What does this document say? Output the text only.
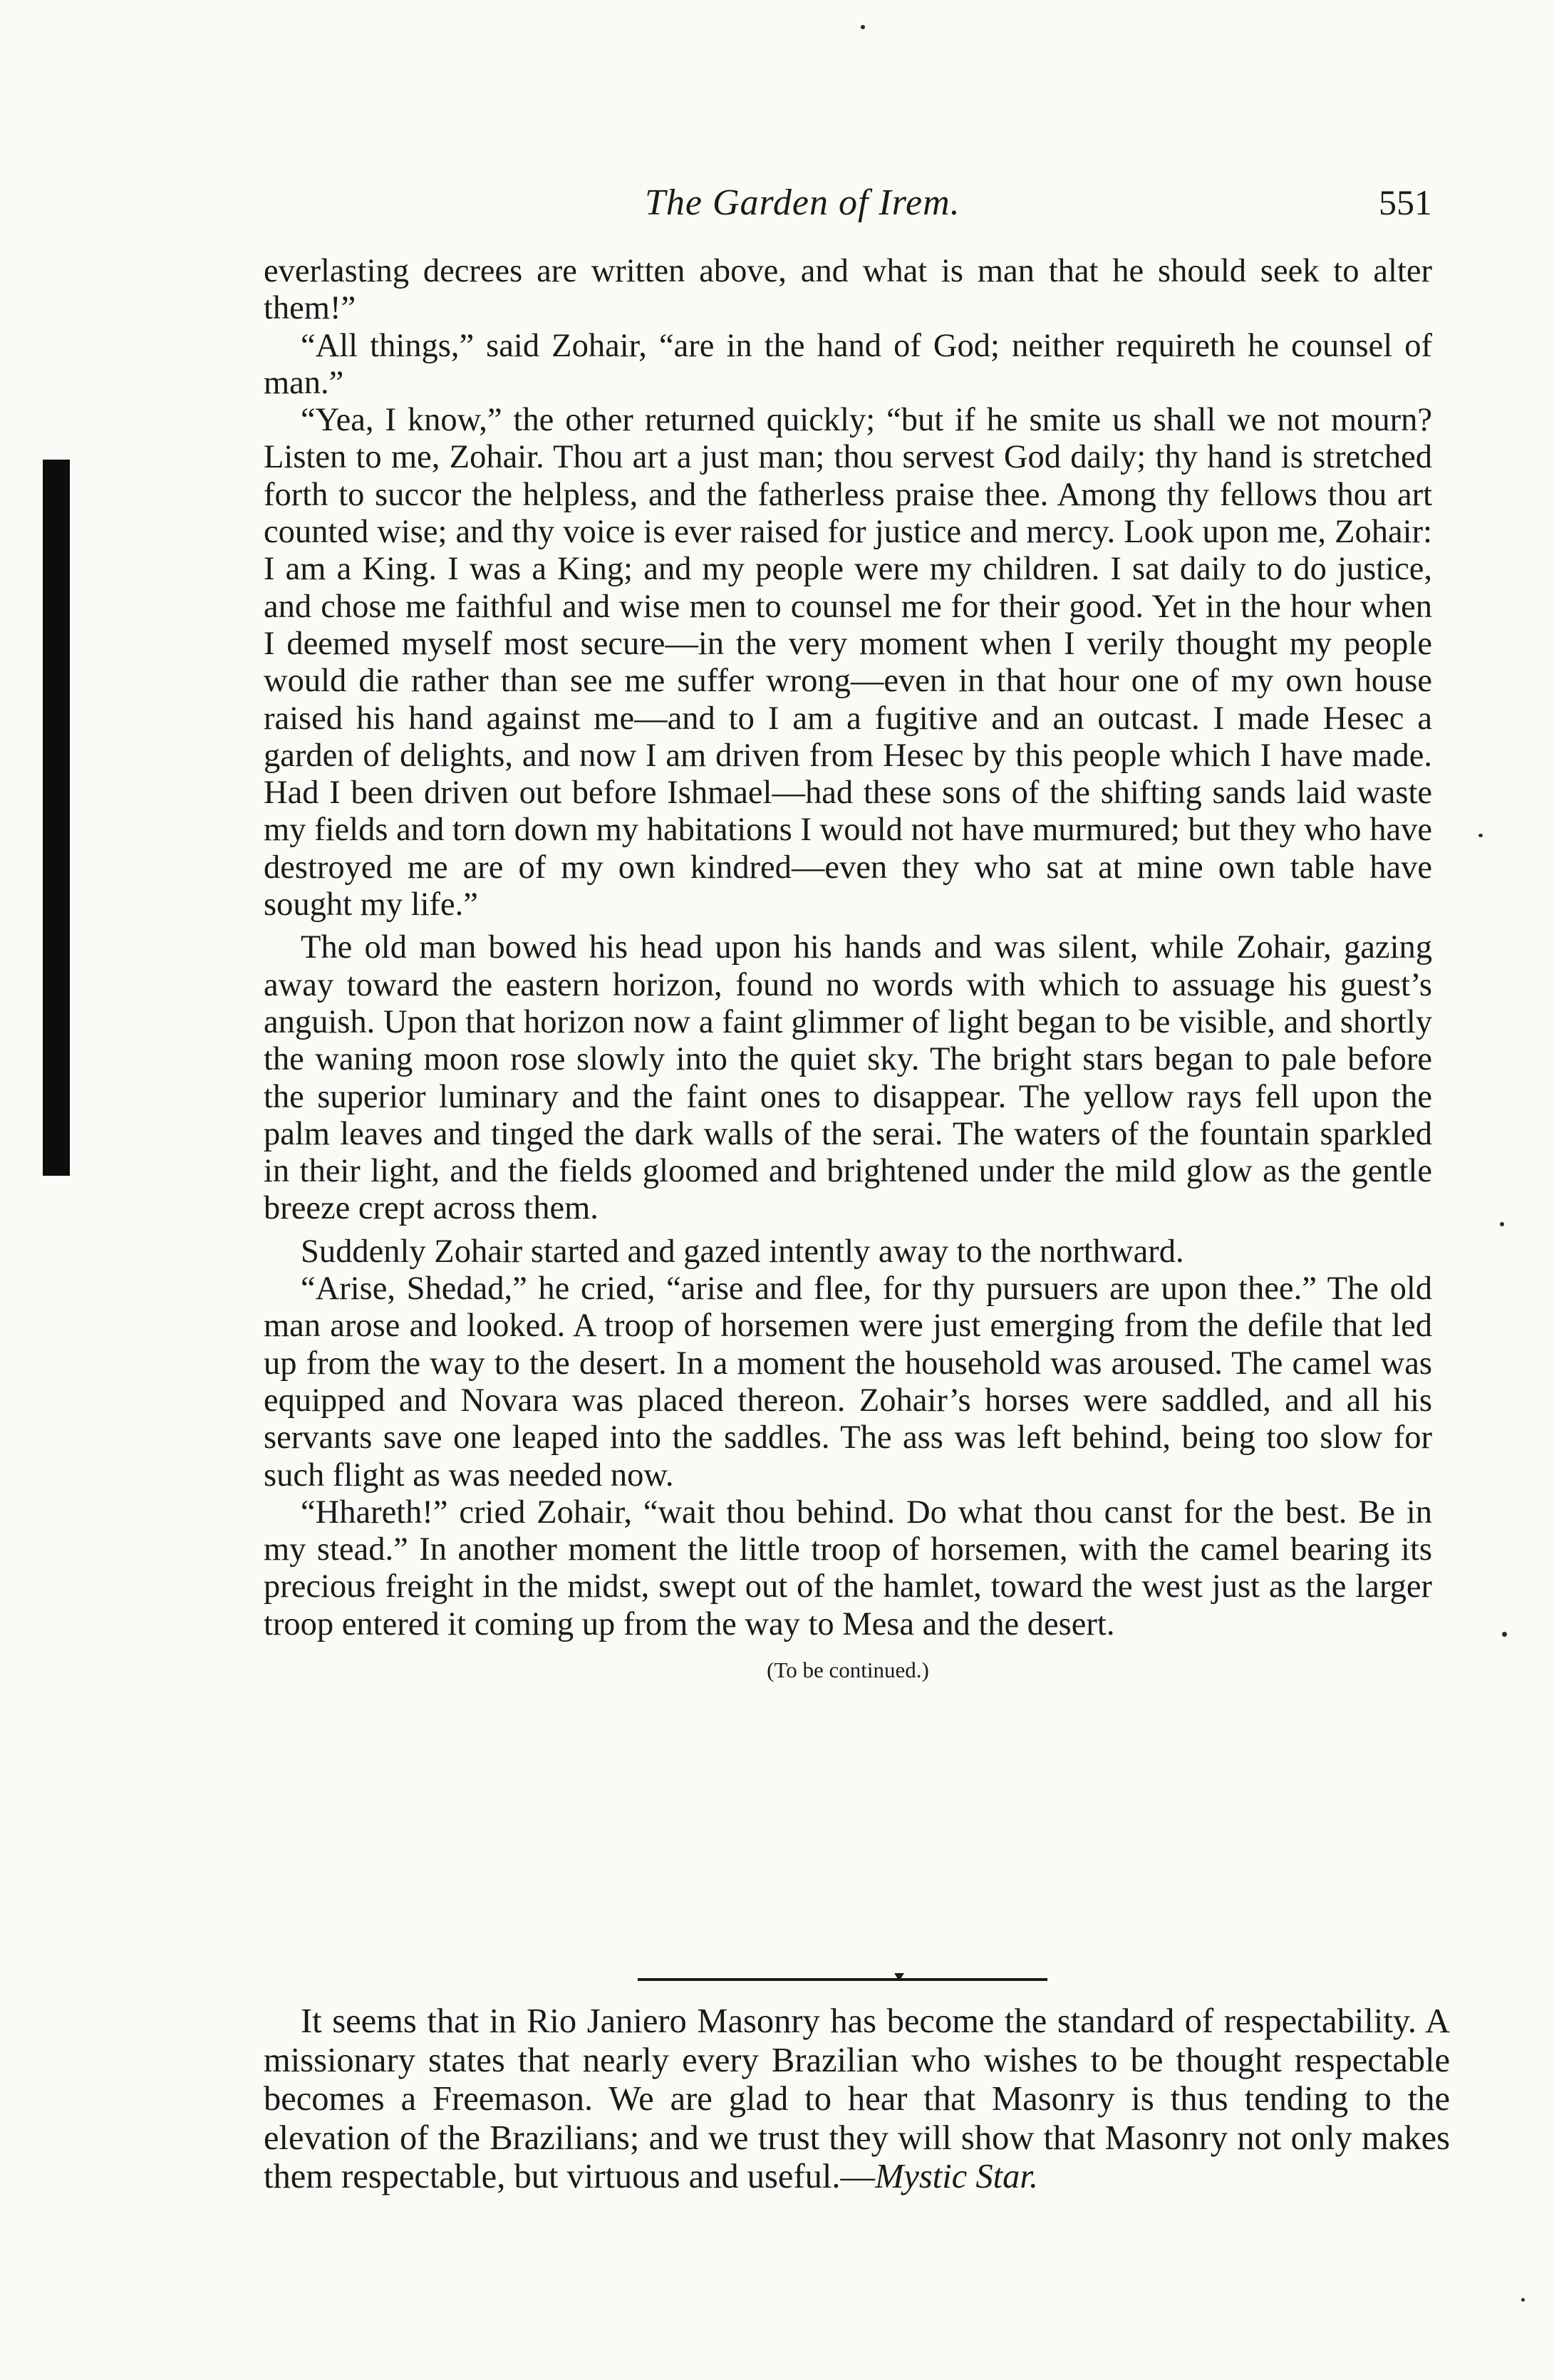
The Garden of Irem.	551

everlasting decrees are written above, and what is man that he should seek to alter them!”

“All things,” said Zohair, “are in the hand of God; neither requireth he counsel of man.”

“Yea, I know,” the other returned quickly; “but if he smite us shall we not mourn? Listen to me, Zohair. Thou art a just man; thou servest God daily; thy hand is stretched forth to succor the helpless, and the fatherless praise thee. Among thy fellows thou art counted wise; and thy voice is ever raised for justice and mercy. Look upon me, Zohair: I am a King. I was a King; and my people were my children. I sat daily to do justice, and chose me faithful and wise men to counsel me for their good. Yet in the hour when I deemed myself most secure—in the very moment when I verily thought my people would die rather than see me suffer wrong—even in that hour one of my own house raised his hand against me—and to I am a fugitive and an outcast. I made Hesec a garden of delights, and now I am driven from Hesec by this people which I have made. Had I been driven out before Ishmael—had these sons of the shifting sands laid waste my fields and torn down my habitations I would not have murmured; but they who have destroyed me are of my own kindred—even they who sat at mine own table have sought my life.”

The old man bowed his head upon his hands and was silent, while Zohair, gazing away toward the eastern horizon, found no words with which to assuage his guest’s anguish. Upon that horizon now a faint glimmer of light began to be visible, and shortly the waning moon rose slowly into the quiet sky. The bright stars began to pale before the superior luminary and the faint ones to disappear. The yellow rays fell upon the palm leaves and tinged the dark walls of the serai. The waters of the fountain sparkled in their light, and the fields gloomed and brightened under the mild glow as the gentle breeze crept across them.

Suddenly Zohair started and gazed intently away to the northward.

“Arise, Shedad,” he cried, “arise and flee, for thy pursuers are upon thee.” The old man arose and looked. A troop of horsemen were just emerging from the defile that led up from the way to the desert. In a moment the household was aroused. The camel was equipped and Novara was placed thereon. Zohair’s horses were saddled, and all his servants save one leaped into the saddles. The ass was left behind, being too slow for such flight as was needed now.

“Hhareth!” cried Zohair, “wait thou behind. Do what thou canst for the best. Be in my stead.” In another moment the little troop of horsemen, with the camel bearing its precious freight in the midst, swept out of the hamlet, toward the west just as the larger troop entered it coming up from the way to Mesa and the desert.

(To be continued.)

It seems that in Rio Janiero Masonry has become the standard of respectability. A missionary states that nearly every Brazilian who wishes to be thought respectable becomes a Freemason. We are glad to hear that Masonry is thus tending to the elevation of the Brazilians; and we trust they will show that Masonry not only makes them respectable, but virtuous and useful.—Mystic Star.
